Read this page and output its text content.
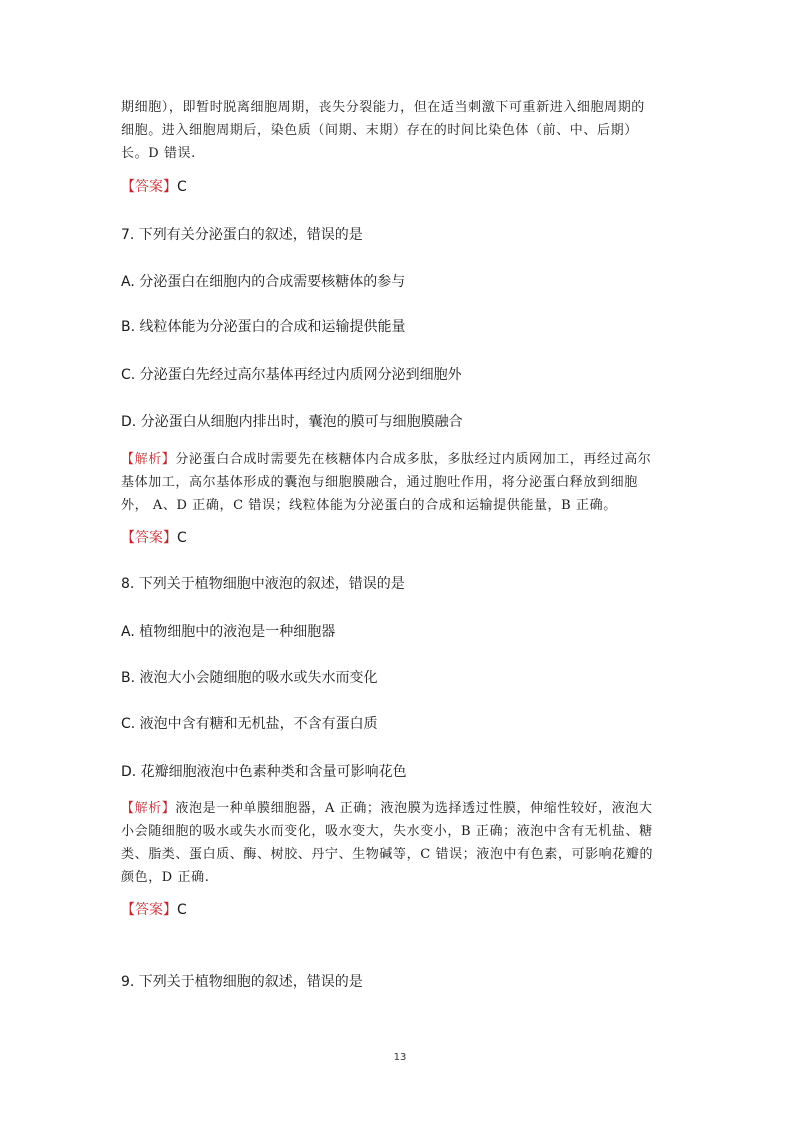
期细胞），即暂时脱离细胞周期，丧失分裂能力，但在适当刺激下可重新进入细胞周期的
细胞。进入细胞周期后，染色质（间期、末期）存在的时间比染色体（前、中、后期）
长。D 错误.
【答案】C
7. 下列有关分泌蛋白的叙述，错误的是
A. 分泌蛋白在细胞内的合成需要核糖体的参与
B. 线粒体能为分泌蛋白的合成和运输提供能量
C. 分泌蛋白先经过高尔基体再经过内质网分泌到细胞外
D. 分泌蛋白从细胞内排出时，囊泡的膜可与细胞膜融合
【解析】分泌蛋白合成时需要先在核糖体内合成多肽，多肽经过内质网加工，再经过高尔
基体加工，高尔基体形成的囊泡与细胞膜融合，通过胞吐作用，将分泌蛋白释放到细胞
外， A、D 正确，C 错误；线粒体能为分泌蛋白的合成和运输提供能量，B 正确。
【答案】C
8. 下列关于植物细胞中液泡的叙述，错误的是
A. 植物细胞中的液泡是一种细胞器
B. 液泡大小会随细胞的吸水或失水而变化
C. 液泡中含有糖和无机盐，不含有蛋白质
D. 花瓣细胞液泡中色素种类和含量可影响花色
【解析】液泡是一种单膜细胞器，A 正确；液泡膜为选择透过性膜，伸缩性较好，液泡大
小会随细胞的吸水或失水而变化，吸水变大，失水变小，B 正确；液泡中含有无机盐、糖
类、脂类、蛋白质、酶、树胶、丹宁、生物碱等，C 错误；液泡中有色素，可影响花瓣的
颜色，D 正确.
【答案】C
9. 下列关于植物细胞的叙述，错误的是
13
